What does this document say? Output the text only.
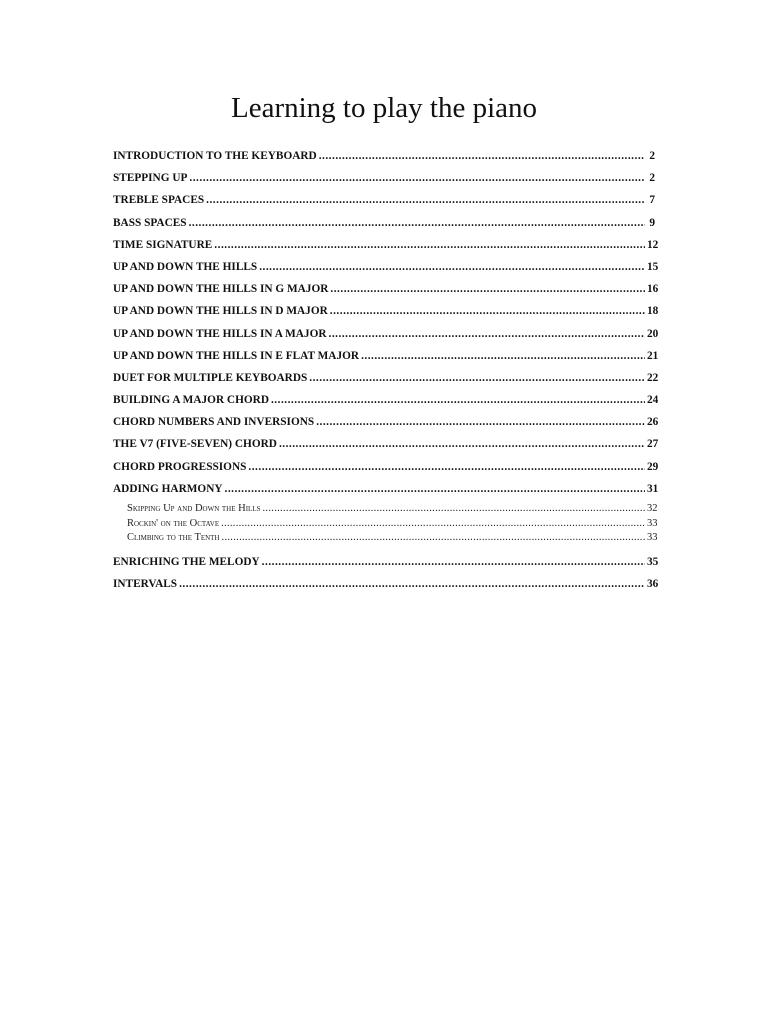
Learning to play the piano
INTRODUCTION TO THE KEYBOARD .....	2
STEPPING UP .....	2
TREBLE SPACES .....	7
BASS SPACES .....	9
TIME SIGNATURE .....	12
UP AND DOWN THE HILLS .....	15
UP AND DOWN THE HILLS IN G MAJOR .....	16
UP AND DOWN THE HILLS IN D MAJOR .....	18
UP AND DOWN THE HILLS IN A MAJOR .....	20
UP AND DOWN THE HILLS IN E FLAT MAJOR .....	21
DUET FOR MULTIPLE KEYBOARDS .....	22
BUILDING A MAJOR CHORD .....	24
CHORD NUMBERS AND INVERSIONS .....	26
THE V7 (FIVE-SEVEN) CHORD .....	27
CHORD PROGRESSIONS .....	29
ADDING HARMONY .....	31
Skipping Up and Down the Hills .....	32
Rockin' on the Octave .....	33
Climbing to the Tenth .....	33
ENRICHING THE MELODY .....	35
INTERVALS .....	36
